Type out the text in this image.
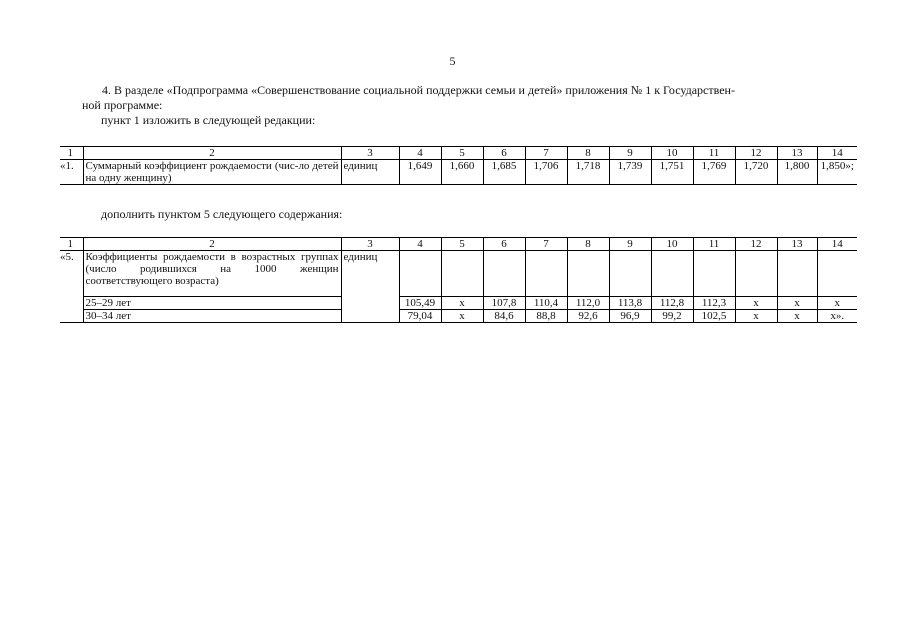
5
4. В разделе «Подпрограмма «Совершенствование социальной поддержки семьи и детей» приложения № 1 к Государствен-
ной программе:
пункт 1 изложить в следующей редакции:
1	2	3	4	5	6	7	8	9	10	11	12	13	14
«1.	Суммарный коэффициент рождаемости (чис-ло детей на одну женщину)	единиц	1,649	1,660	1,685	1,706	1,718	1,739	1,751	1,769	1,720	1,800	1,850»;
дополнить пунктом 5 следующего содержания:
1	2	3	4	5	6	7	8	9	10	11	12	13	14
«5.	Коэффициенты рождаемости в возрастных группах (число родившихся на 1000 женщин соответствующего возраста)	единиц											
	25–29 лет		105,49	х	107,8	110,4	112,0	113,8	112,8	112,3	х	х	х
	30–34 лет		79,04	х	84,6	88,8	92,6	96,9	99,2	102,5	х	х	х».
